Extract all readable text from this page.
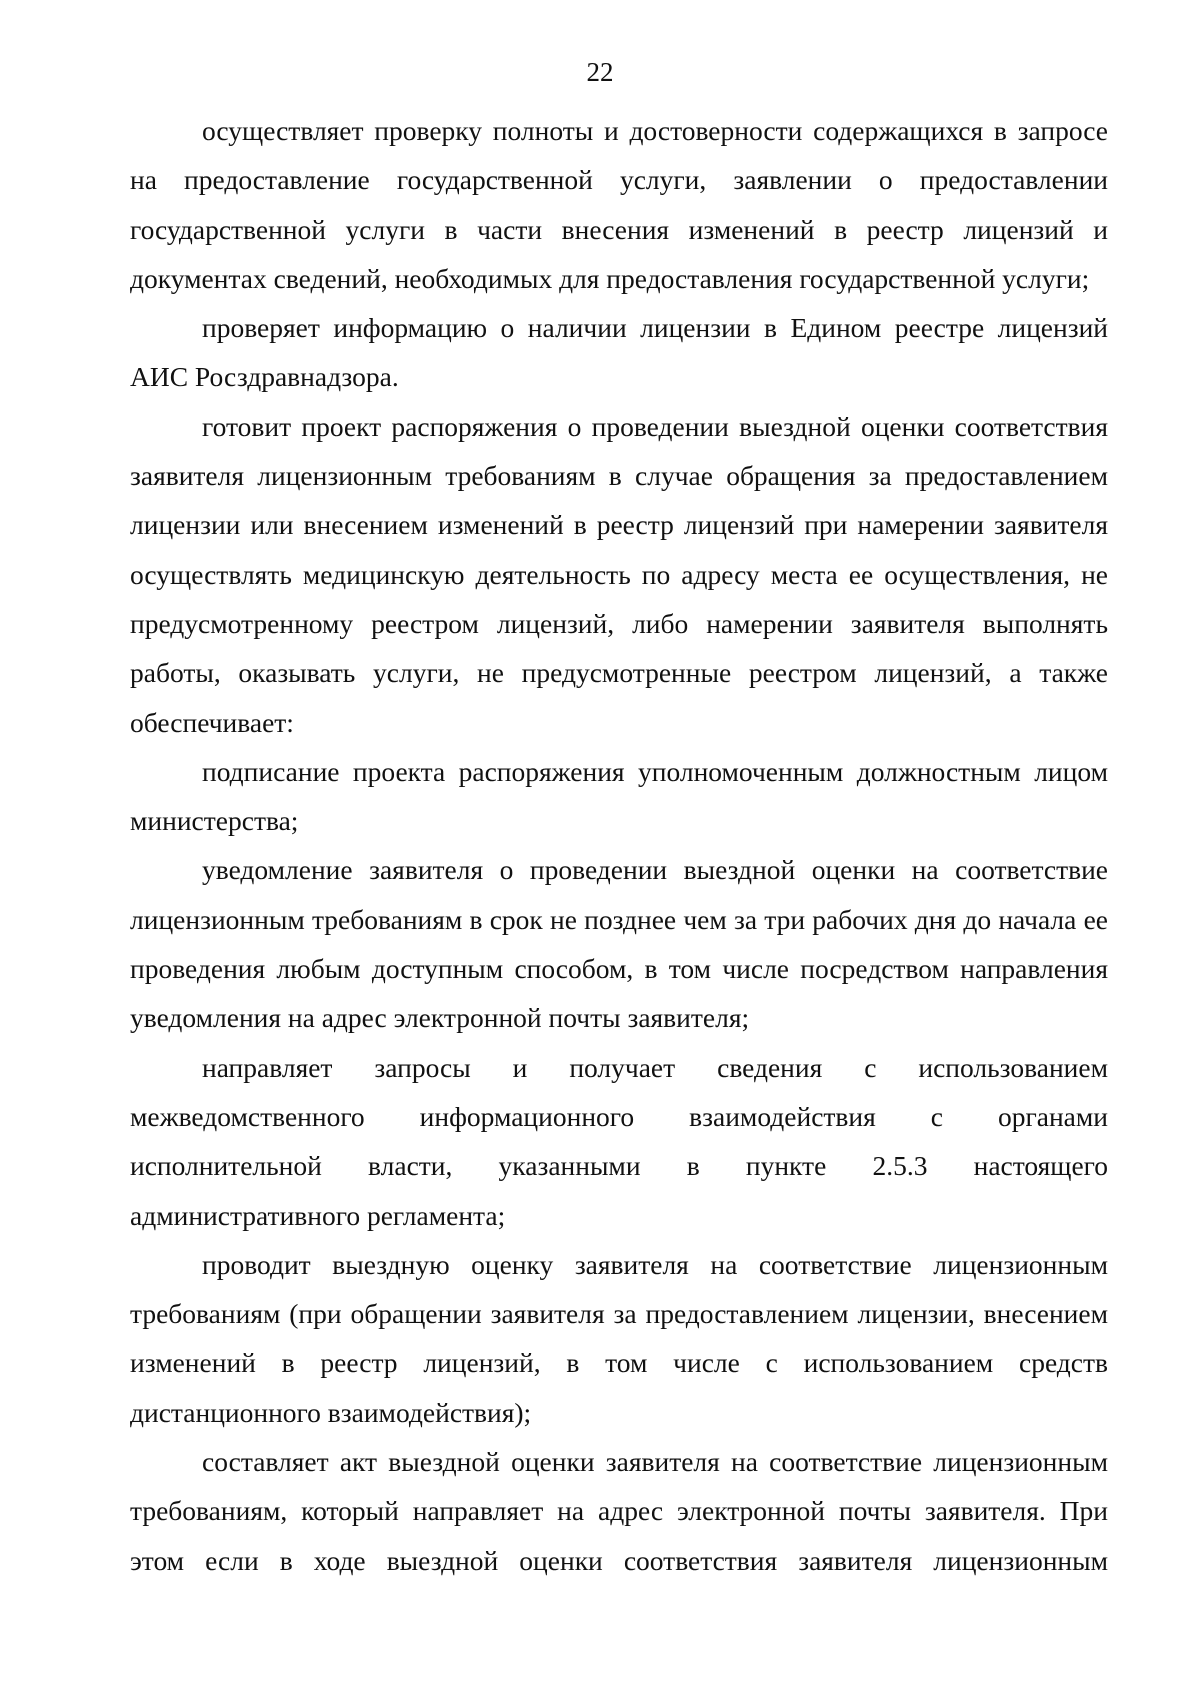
22

осуществляет проверку полноты и достоверности содержащихся в запросе на предоставление государственной услуги, заявлении о предоставлении государственной услуги в части внесения изменений в реестр лицензий и документах сведений, необходимых для предоставления государственной услуги;

проверяет информацию о наличии лицензии в Едином реестре лицензий АИС Росздравнадзора.

готовит проект распоряжения о проведении выездной оценки соответствия заявителя лицензионным требованиям в случае обращения за предоставлением лицензии или внесением изменений в реестр лицензий при намерении заявителя осуществлять медицинскую деятельность по адресу места ее осуществления, не предусмотренному реестром лицензий, либо намерении заявителя выполнять работы, оказывать услуги, не предусмотренные реестром лицензий, а также обеспечивает:

подписание проекта распоряжения уполномоченным должностным лицом министерства;

уведомление заявителя о проведении выездной оценки на соответствие лицензионным требованиям в срок не позднее чем за три рабочих дня до начала ее проведения любым доступным способом, в том числе посредством направления уведомления на адрес электронной почты заявителя;

направляет запросы и получает сведения с использованием межведомственного информационного взаимодействия с органами исполнительной власти, указанными в пункте 2.5.3 настоящего административного регламента;

проводит выездную оценку заявителя на соответствие лицензионным требованиям (при обращении заявителя за предоставлением лицензии, внесением изменений в реестр лицензий, в том числе с использованием средств дистанционного взаимодействия);

составляет акт выездной оценки заявителя на соответствие лицензионным требованиям, который направляет на адрес электронной почты заявителя. При этом если в ходе выездной оценки соответствия заявителя лицензионным
